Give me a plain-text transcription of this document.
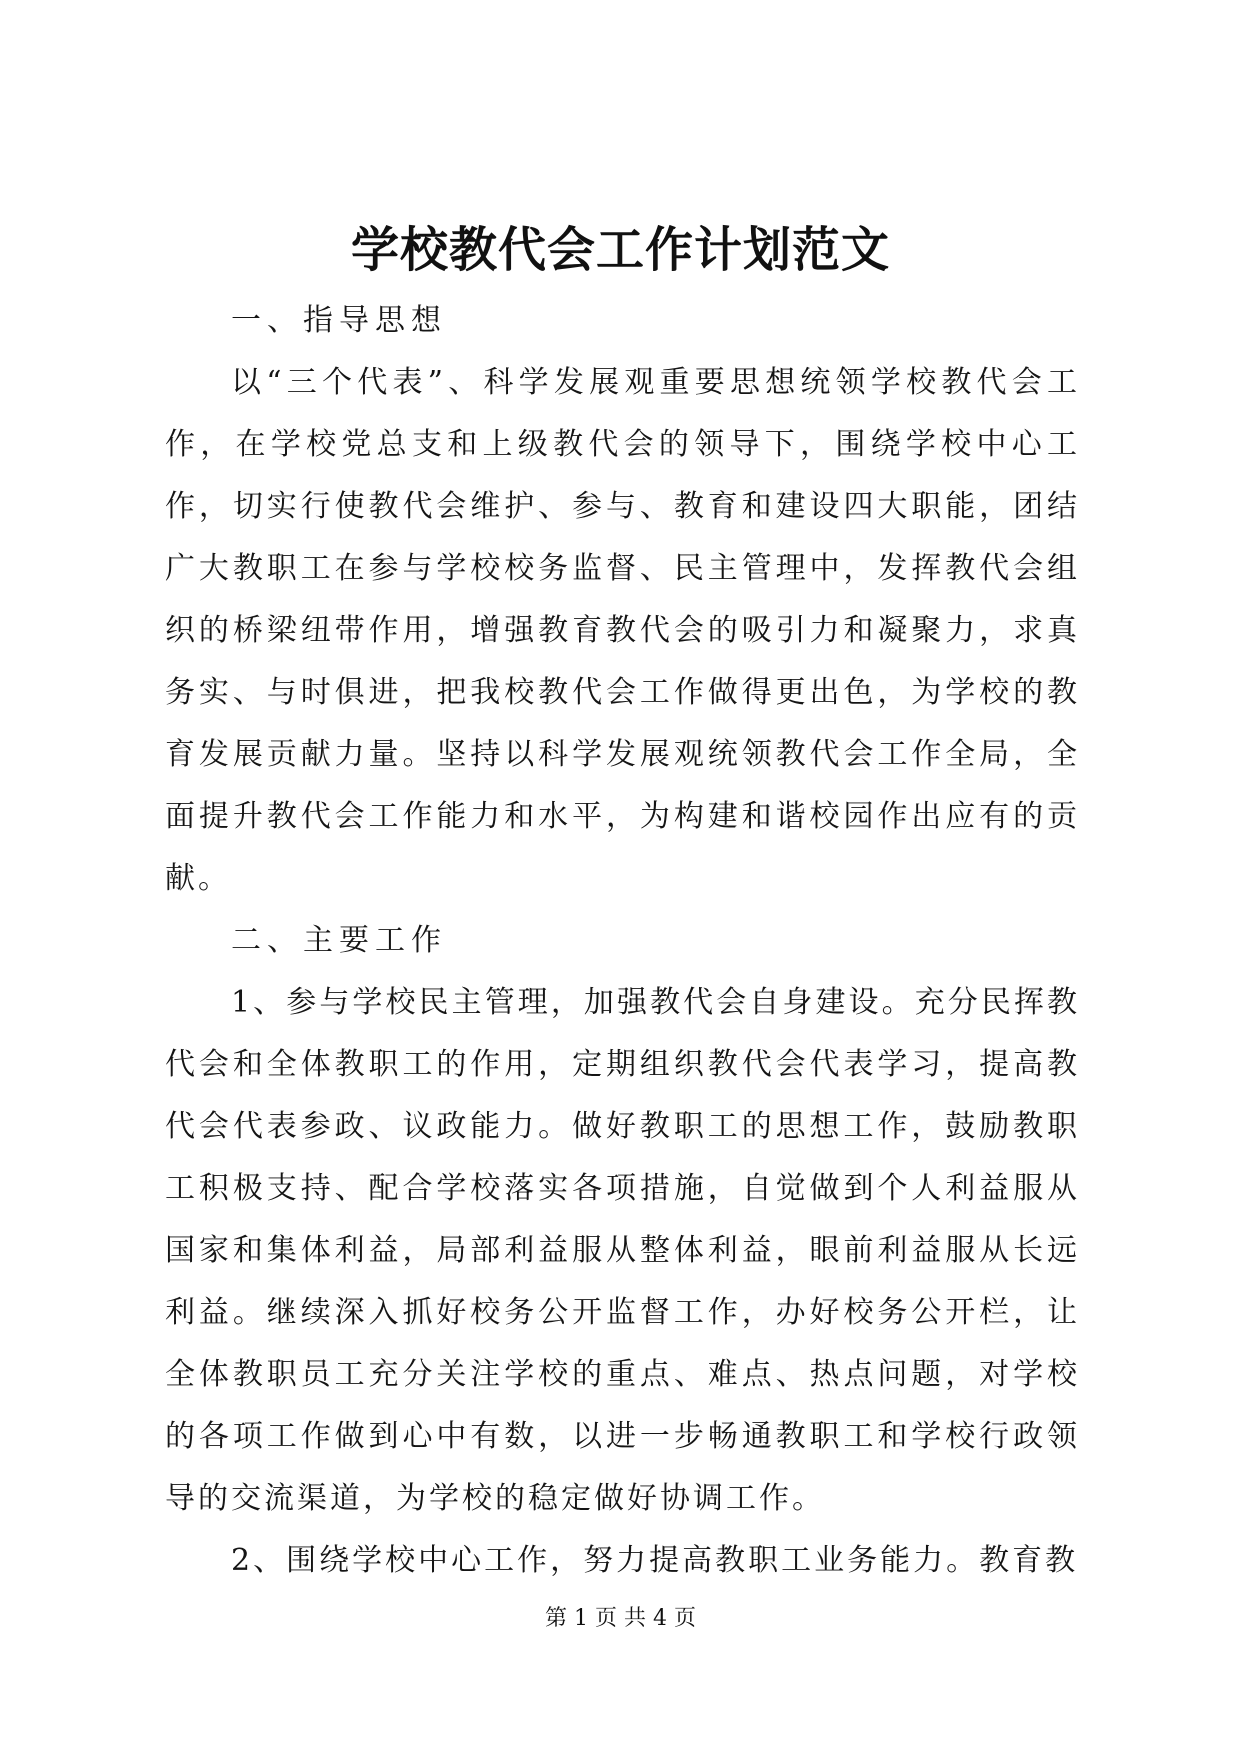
学校教代会工作计划范文

一、指导思想

以“三个代表”、科学发展观重要思想统领学校教代会工作，在学校党总支和上级教代会的领导下，围绕学校中心工作，切实行使教代会维护、参与、教育和建设四大职能，团结广大教职工在参与学校校务监督、民主管理中，发挥教代会组织的桥梁纽带作用，增强教育教代会的吸引力和凝聚力，求真务实、与时俱进，把我校教代会工作做得更出色，为学校的教育发展贡献力量。坚持以科学发展观统领教代会工作全局，全面提升教代会工作能力和水平，为构建和谐校园作出应有的贡献。

二、主要工作

1、参与学校民主管理，加强教代会自身建设。充分民挥教代会和全体教职工的作用，定期组织教代会代表学习，提高教代会代表参政、议政能力。做好教职工的思想工作，鼓励教职工积极支持、配合学校落实各项措施，自觉做到个人利益服从国家和集体利益，局部利益服从整体利益，眼前利益服从长远利益。继续深入抓好校务公开监督工作，办好校务公开栏，让全体教职员工充分关注学校的重点、难点、热点问题，对学校的各项工作做到心中有数，以进一步畅通教职工和学校行政领导的交流渠道，为学校的稳定做好协调工作。

2、围绕学校中心工作，努力提高教职工业务能力。教育教

第 1 页 共 4 页
